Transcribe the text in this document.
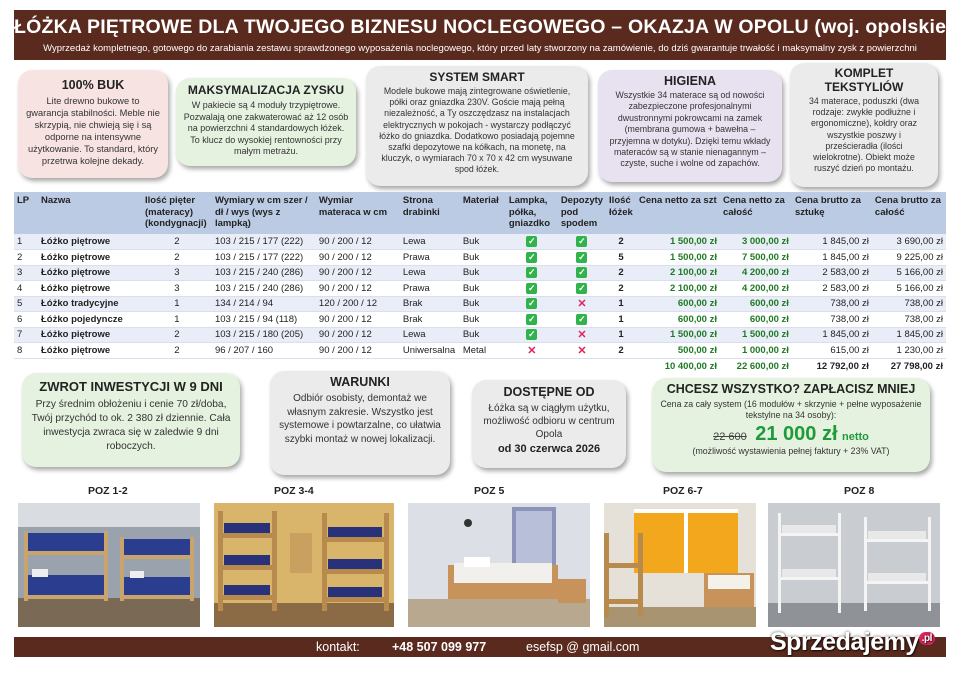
ŁÓŻKA PIĘTROWE DLA TWOJEGO BIZNESU NOCLEGOWEGO – OKAZJA W OPOLU (woj. opolskie)
Wyprzedaż kompletnego, gotowego do zarabiania zestawu sprawdzonego wyposażenia noclegowego, który przed laty stworzony na zamówienie, do dziś gwarantuje trwałość i maksymalny zysk z powierzchni
100% BUK
Lite drewno bukowe to gwarancja stabilności. Meble nie skrzypią, nie chwieją się i są odporne na intensywne użytkowanie. To standard, który przetrwa kolejne dekady.
MAKSYMALIZACJA ZYSKU
W pakiecie są 4 moduły trzypiętrowe. Pozwalają one zakwaterować aż 12 osób na powierzchni 4 standardowych łóżek. To klucz do wysokiej rentowności przy małym metrażu.
SYSTEM SMART
Modele bukowe mają zintegrowane oświetlenie, półki oraz gniazdka 230V. Goście mają pełną niezależność, a Ty oszczędzasz na instalacjach elektrycznych w pokojach - wystarczy podłączyć łóżko do gniazdka. Dodatkowo posiadają pojemne szafki depozytowe na kółkach, na monetę, na kluczyk, o wymiarach 70 x 70 x 42 cm wysuwane spod łóżek.
HIGIENA
Wszystkie 34 materace są od nowości zabezpieczone profesjonalnymi dwustronnymi pokrowcami na zamek (membrana gumowa + bawełna – przyjemna w dotyku). Dzięki temu wkłady materaców są w stanie nienagannym – czyste, suche i wolne od zapachów.
KOMPLET TEKSTYLIÓW
34 materace, poduszki (dwa rodzaje: zwykłe podłużne i ergonomiczne), kołdry oraz wszystkie poszwy i prześcieradła (ilości wielokrotne). Obiekt może ruszyć dzień po montażu.
LP	Nazwa	Ilość pięter (materacy) (kondygnacji)	Wymiary w cm szer / dł / wys (wys z lampką)	Wymiar materaca w cm	Strona drabinki	Materiał	Lampka, półka, gniazdko	Depozyty pod spodem	Ilość łóżek	Cena netto za szt	Cena netto za całość	Cena brutto za sztukę	Cena brutto za całość
1	Łóżko piętrowe	2	103 / 215 / 177 (222)	90 / 200 / 12	Lewa	Buk	✓	✓	2	1 500,00 zł	3 000,00 zł	1 845,00 zł	3 690,00 zł
2	Łóżko piętrowe	2	103 / 215 / 177 (222)	90 / 200 / 12	Prawa	Buk	✓	✓	5	1 500,00 zł	7 500,00 zł	1 845,00 zł	9 225,00 zł
3	Łóżko piętrowe	3	103 / 215 / 240 (286)	90 / 200 / 12	Lewa	Buk	✓	✓	2	2 100,00 zł	4 200,00 zł	2 583,00 zł	5 166,00 zł
4	Łóżko piętrowe	3	103 / 215 / 240 (286)	90 / 200 / 12	Prawa	Buk	✓	✓	2	2 100,00 zł	4 200,00 zł	2 583,00 zł	5 166,00 zł
5	Łóżko tradycyjne	1	134 / 214 / 94	120 / 200 / 12	Brak	Buk	✓	✕	1	600,00 zł	600,00 zł	738,00 zł	738,00 zł
6	Łóżko pojedyncze	1	103 / 215 / 94 (118)	90 / 200 / 12	Brak	Buk	✓	✓	1	600,00 zł	600,00 zł	738,00 zł	738,00 zł
7	Łóżko piętrowe	2	103 / 215 / 180 (205)	90 / 200 / 12	Lewa	Buk	✓	✕	1	1 500,00 zł	1 500,00 zł	1 845,00 zł	1 845,00 zł
8	Łóżko piętrowe	2	96 / 207 / 160	90 / 200 / 12	Uniwersalna	Metal	✕	✕	2	500,00 zł	1 000,00 zł	615,00 zł	1 230,00 zł
										10 400,00 zł	22 600,00 zł	12 792,00 zł	27 798,00 zł
ZWROT INWESTYCJI W 9 DNI
Przy średnim obłożeniu i cenie 70 zł/doba, Twój przychód to ok. 2 380 zł dziennie. Cała inwestycja zwraca się w zaledwie 9 dni roboczych.
WARUNKI
Odbiór osobisty, demontaż we własnym zakresie. Wszystko jest systemowe i powtarzalne, co ułatwia szybki montaż w nowej lokalizacji.
DOSTĘPNE OD
Łóżka są w ciągłym użytku, możliwość odbioru w centrum Opola
od 30 czerwca 2026
CHCESZ WSZYSTKO? ZAPŁACISZ MNIEJ
Cena za cały system (16 modułów + skrzynie + pełne wyposażenie tekstylne na 34 osoby):
22 600 21 000 zł netto
(możliwość wystawienia pełnej faktury + 23% VAT)
POZ 1-2	POZ 3-4	POZ 5	POZ 6-7	POZ 8
kontakt:	+48 507 099 977	esefsp @ gmail.com	Sprzedajemy $^{.pl}$
